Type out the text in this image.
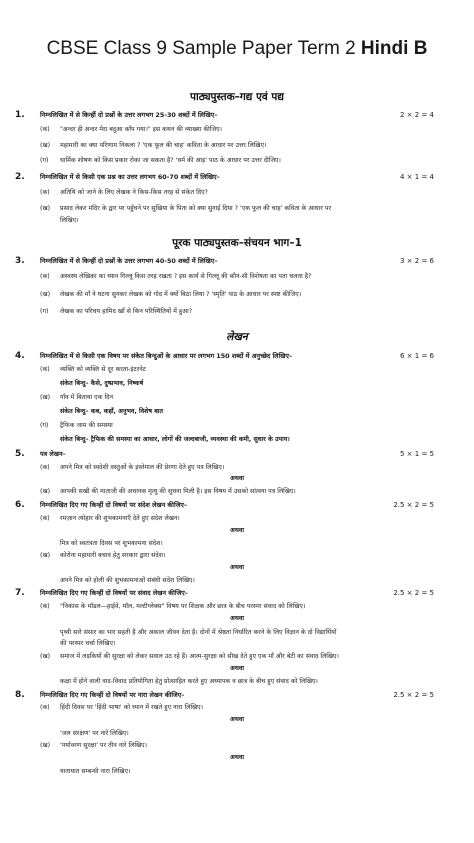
CBSE Class 9 Sample Paper Term 2 Hindi B
पाठ्यपुस्तक–गद्य एवं पद्य
1. निम्नलिखित में से किन्हीं दो प्रश्नों के उत्तर लगभग 25-30 शब्दों में लिखिए–	2 × 2 = 4
(क) "अन्दर ही अन्दर मेरा बदुआ काँप गया।" इस कथन की व्याख्या कीजिए।
(ख) महामारी का क्या परिणाम निकला ? 'एक फूल की चाह' कविता के आधार पर उत्तर लिखिए।
(ग) धार्मिक शोषण को किस प्रकार रोका जा सकता है? 'धर्म की आड़' पाठ के आधार पर उत्तर दीजिए।
2. निम्नलिखित में से किसी एक प्रश्न का उत्तर लगभग 60-70 शब्दों में लिखिए–	4 × 1 = 4
(क) अतिथि को जाने के लिए लेखक ने किस-किस तरह से संकेत दिए?
(ख) प्रसाद लेकर मंदिर के द्वार पर पहुँचने पर सुखिया के पिता को क्या सुनाई दिया ? 'एक फूल की चाह' कविता के आधार पर
लिखिए।
पूरक पाठ्यपुस्तक–संचयन भाग–1
3. निम्नलिखित में से किन्हीं दो प्रश्नों के उत्तर लगभग 40-50 शब्दों में लिखिए–	3 × 2 = 6
(क) अस्वस्थ लेखिका का ध्यान गिल्लू किस तरह रखता ? इस कार्य से गिल्लू की कौन-सी विशेषता का पता चलता है?
(ख) लेखक की माँ ने घटना सुनकर लेखक को गोद में क्यों बिठा लिया ? 'स्मृति' पाठ के आधार पर स्पष्ट कीजिए।
(ग) लेखक का परिचय हामिद खाँ से किन परिस्थितियों में हुआ?
लेखन
4. निम्नलिखित में से किसी एक विषय पर संकेत बिन्दुओं के आधार पर लगभग 150 शब्दों में अनुच्छेद लिखिए–	6 × 1 = 6
(क) व्यक्ति को व्यक्ति से दूर करता-इंटरनेट
संकेत बिन्दु– कैसे, दुष्प्रभाव, निष्कर्ष
(ख) गाँव में बिताया एक दिन
संकेत बिन्दु– कब, कहाँ, अनुभव, विशेष बात
(ग) ट्रैफिक जाम की समस्या
संकेत बिन्दु– ट्रैफिक की समस्या का आधार, लोगों की जल्दबाजी, व्यवस्था की कमी, सुधार के उपाय।
5. पत्र लेखन–	5 × 1 = 5
(क) अपने मित्र को स्वदेशी वस्तुओं के इस्तेमाल की प्रेरणा देते हुए पत्र लिखिए।
अथवा
(ख) आपकी सखी की माताजी की अचानक मृत्यु की सूचना मिली है। इस विषय में उसको सांत्वना पत्र लिखिए।
6. निम्नलिखित दिए गए किन्हीं दो विषयों पर संदेश लेखन कीजिए–	2.5 × 2 = 5
(क) रमज़ान त्योहार की शुभकामनाएँ देते हुए संदेश लेखन।
अथवा
मित्र को स्वतंत्रता दिवस पर शुभकामना संदेश।
(ख) कोरोना महामारी बचाव हेतु सरकार द्वारा संदेश।
अथवा
अपने मित्र को होली की शुभकामनाओं संबंधी संदेश लिखिए।
7. निम्नलिखित दिए गए किन्हीं दो विषयों पर संवाद लेखन कीजिए–	2.5 × 2 = 5
(क) "विकास के मॉडल—हाईवे, मॉल, मल्टीप्लेक्स" विषय पर शिक्षक और छात्र के बीच परस्पर संवाद को लिखिए।
अथवा
पृथ्वी सारे संसार का भार सहती है और अकाल जीवन देता है। दोनों में श्रेष्ठता निर्धारित करने के लिए विज्ञान के दो विद्यार्थियों
की परस्पर चर्चा लिखिए।
(ख) समाज में लड़कियों की सुरक्षा को लेकर सवाल उठ रहे हैं। आत्म-सुरक्षा को सीख देते हुए एक माँ और बेटी का संवाद लिखिए।
अथवा
कक्षा में होने वाली वाद-विवाद प्रतियोगिता हेतु प्रोत्साहित करते हुए अध्यापक व छात्र के बीच हुए संवाद को लिखिए।
8. निम्नलिखित दिए गए किन्हीं दो विषयों पर नारा लेखन कीजिए–	2.5 × 2 = 5
(क) हिंदी दिवस पर 'हिंदी भाषा' को ध्यान में रखते हुए नारा लिखिए।
अथवा
'जल संरक्षण' पर नारे लिखिए।
(ख) 'पर्यावरण सुरक्षा' पर तीन नारे लिखिए।
अथवा
यातायात सम्बन्धी नारा लिखिए।
